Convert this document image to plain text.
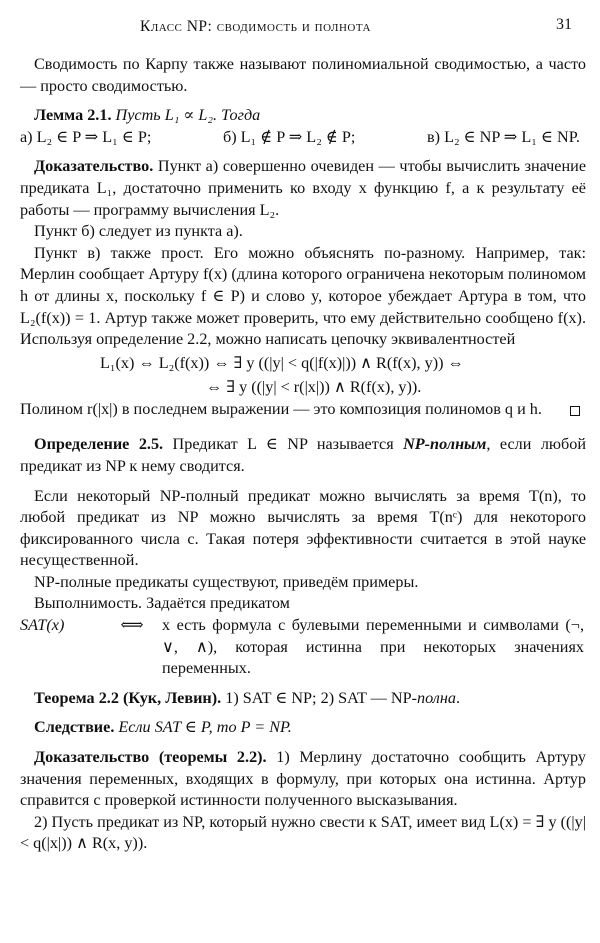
Класс NP: сводимость и полнота	31

Сводимость по Карпу также называют полиномиальной сводимостью, а часто — просто сводимостью.

Лемма 2.1. Пусть L₁ ∝ L₂. Тогда

а) L₂ ∈ P ⇒ L₁ ∈ P;	б) L₁ ∉ P ⇒ L₂ ∉ P;	в) L₂ ∈ NP ⇒ L₁ ∈ NP.

Доказательство. Пункт а) совершенно очевиден — чтобы вычислить значение предиката L₁, достаточно применить ко входу x функцию f, а к результату её работы — программу вычисления L₂.

Пункт б) следует из пункта а).

Пункт в) также прост. Его можно объяснять по-разному. Например, так: Мерлин сообщает Артуру f(x) (длина которого ограничена некоторым полиномом h от длины x, поскольку f ∈ P) и слово y, которое убеждает Артура в том, что L₂(f(x)) = 1. Артур также может проверить, что ему действительно сообщено f(x). Используя определение 2.2, можно написать цепочку эквивалентностей

L₁(x) ⇔ L₂(f(x)) ⇔ ∃ y ((|y| < q(|f(x)|)) ∧ R(f(x), y)) ⇔
⇔ ∃ y ((|y| < r(|x|)) ∧ R(f(x), y)).

Полином r(|x|) в последнем выражении — это композиция полиномов q и h.

Определение 2.5. Предикат L ∈ NP называется NP-полным, если любой предикат из NP к нему сводится.

Если некоторый NP-полный предикат можно вычислять за время T(n), то любой предикат из NP можно вычислять за время T(nᶜ) для некоторого фиксированного числа c. Такая потеря эффективности считается в этой науке несущественной.

NP-полные предикаты существуют, приведём примеры.

Выполнимость. Задаётся предикатом

SAT(x)	⟺	x есть формула с булевыми переменными и символами (¬, ∨, ∧), которая истинна при некоторых значениях переменных.
Теорема 2.2 (Кук, Левин). 1) SAT ∈ NP; 2) SAT — NP-полна.

Следствие. Если SAT ∈ P, то P = NP.

Доказательство (теоремы 2.2). 1) Мерлину достаточно сообщить Артуру значения переменных, входящих в формулу, при которых она истинна. Артур справится с проверкой истинности полученного высказывания.

2) Пусть предикат из NP, который нужно свести к SAT, имеет вид L(x) = ∃ y ((|y| < q(|x|)) ∧ R(x, y)).
